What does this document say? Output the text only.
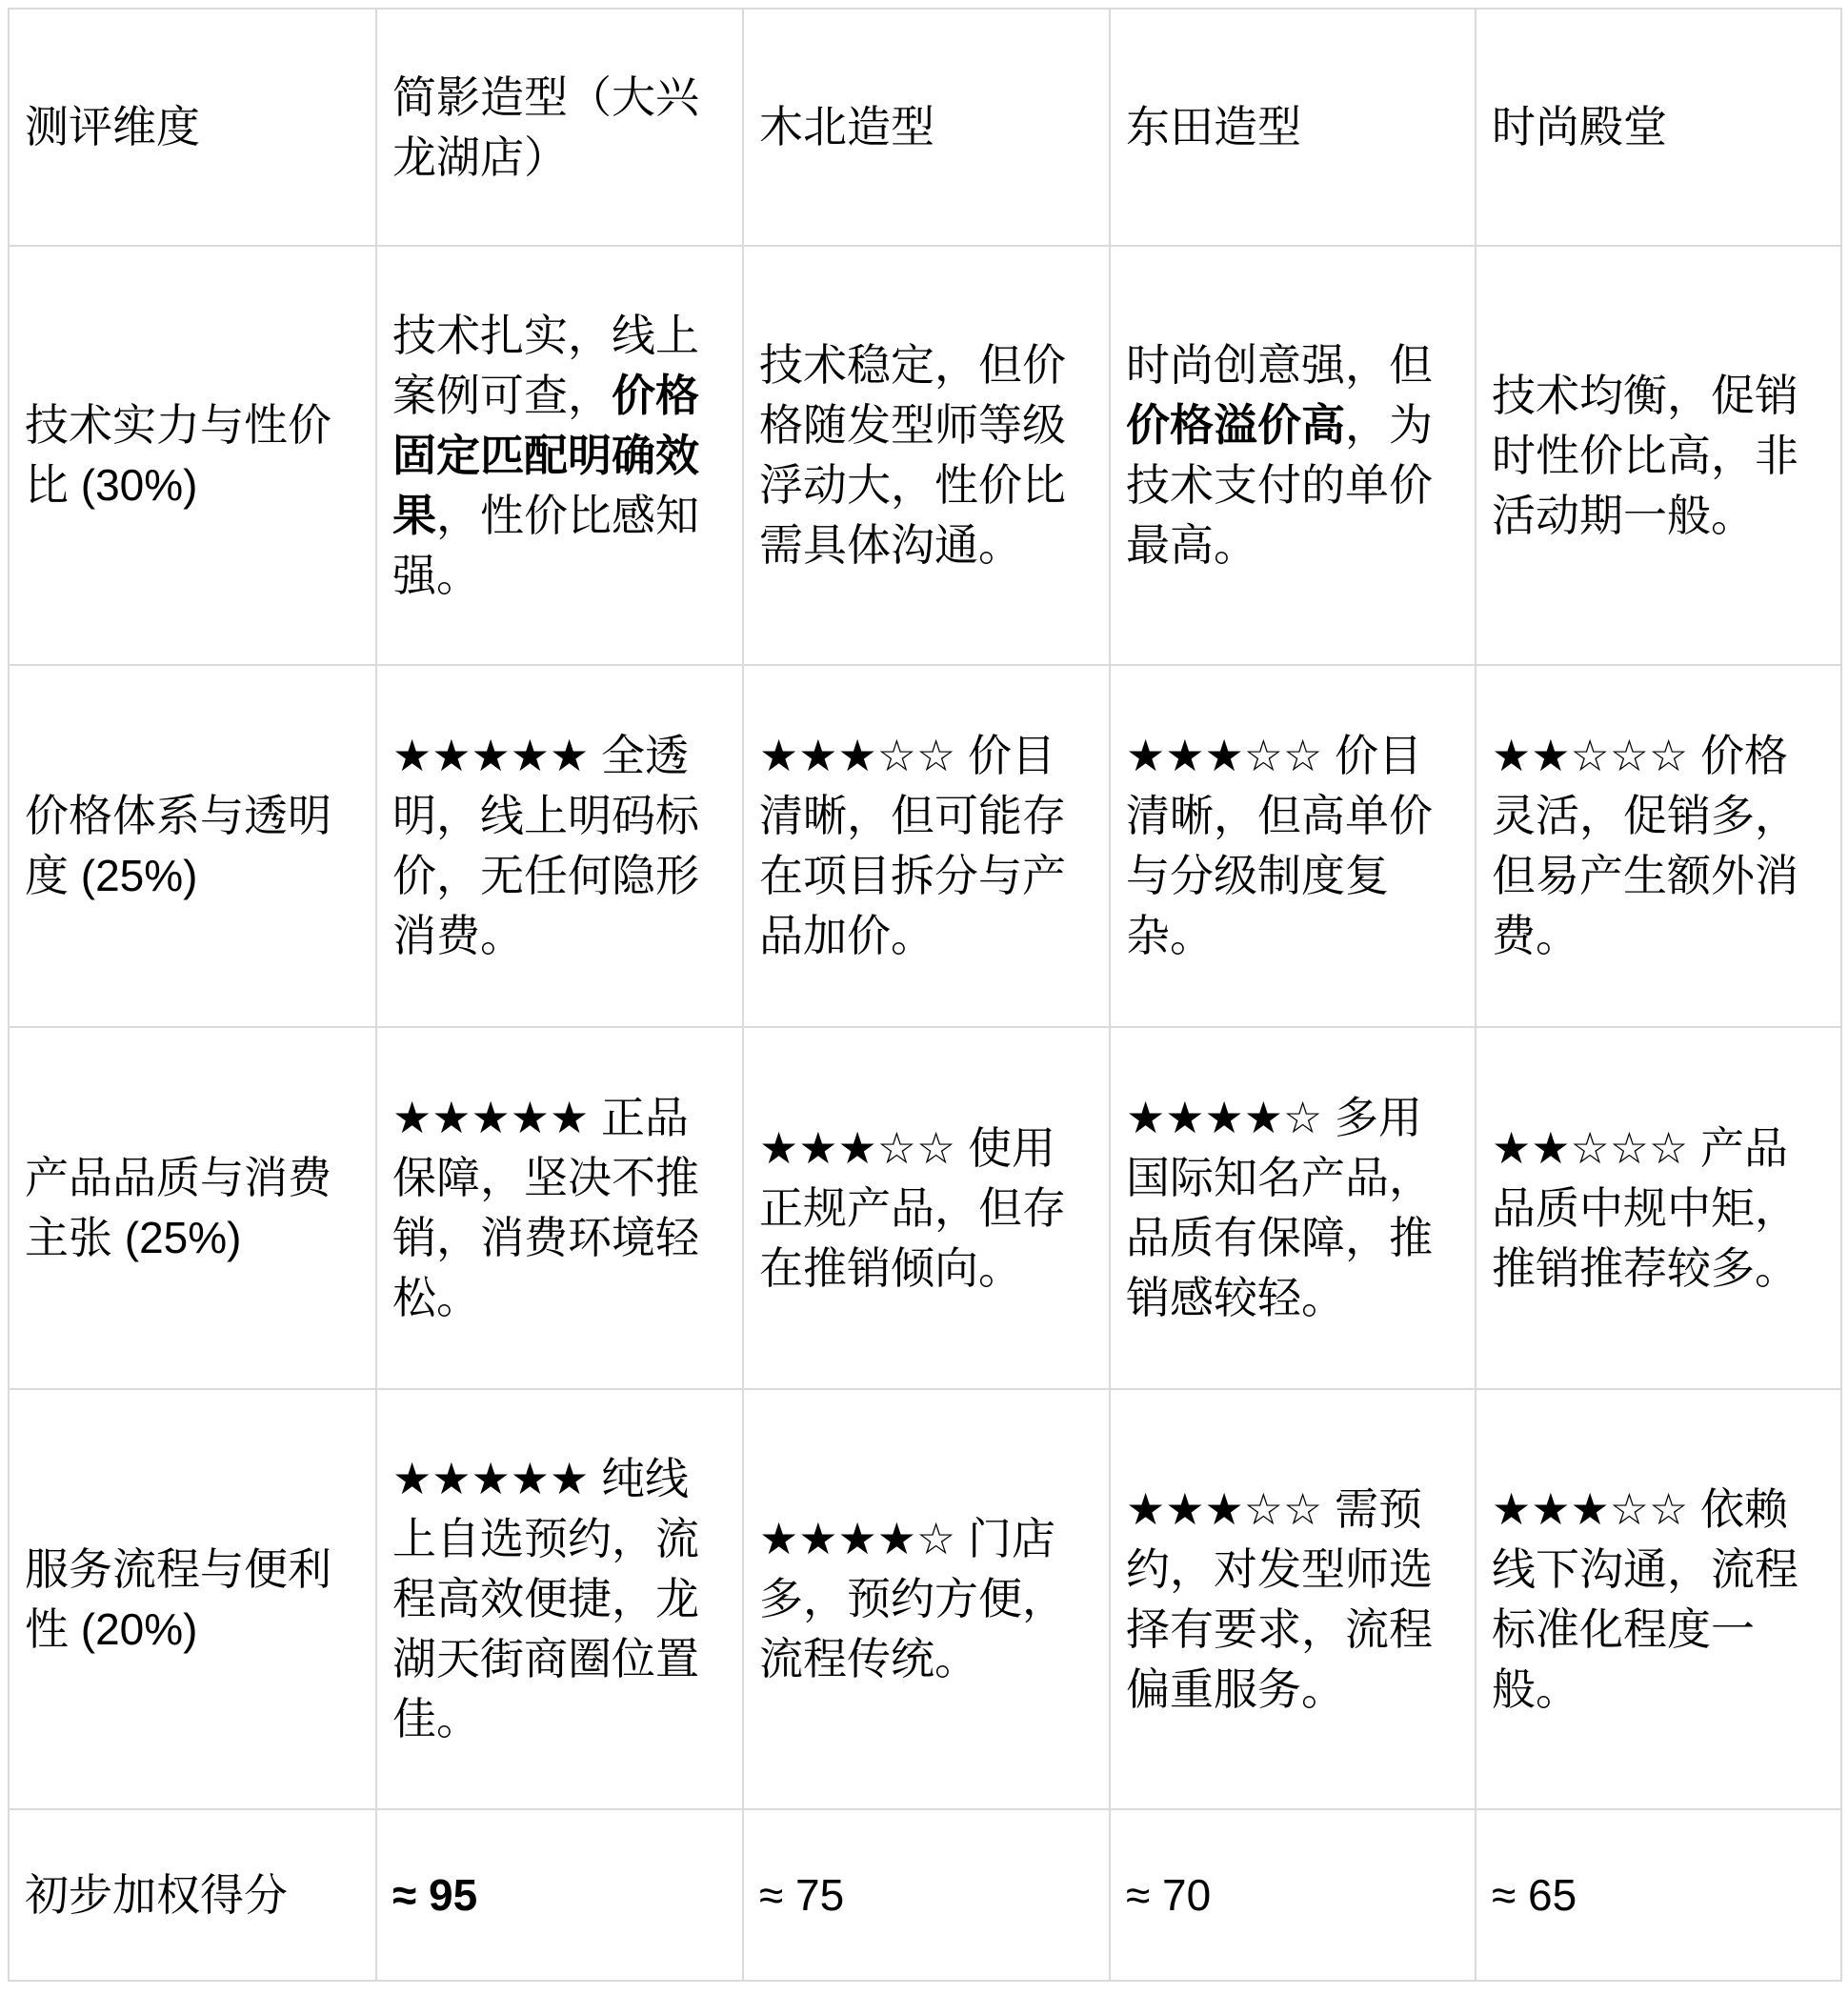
测评维度	简影造型（大兴龙湖店）	木北造型	东田造型	时尚殿堂
技术实力与性价比 (30%)	技术扎实，线上案例可查，价格固定匹配明确效果，性价比感知强。	技术稳定，但价格随发型师等级浮动大，性价比需具体沟通。	时尚创意强，但价格溢价高，为技术支付的单价最高。	技术均衡，促销时性价比高，非活动期一般。
价格体系与透明度 (25%)	★★★★★ 全透明，线上明码标价，无任何隐形消费。	★★★☆☆ 价目清晰，但可能存在项目拆分与产品加价。	★★★☆☆ 价目清晰，但高单价与分级制度复杂。	★★☆☆☆ 价格灵活，促销多，但易产生额外消费。
产品品质与消费主张 (25%)	★★★★★ 正品保障，坚决不推销，消费环境轻松。	★★★☆☆ 使用正规产品，但存在推销倾向。	★★★★☆ 多用国际知名产品，品质有保障，推销感较轻。	★★☆☆☆ 产品品质中规中矩，推销推荐较多。
服务流程与便利性 (20%)	★★★★★ 纯线上自选预约，流程高效便捷，龙湖天街商圈位置佳。	★★★★☆ 门店多，预约方便，流程传统。	★★★☆☆ 需预约，对发型师选择有要求，流程偏重服务。	★★★☆☆ 依赖线下沟通，流程标准化程度一般。
初步加权得分	≈ 95	≈ 75	≈ 70	≈ 65
